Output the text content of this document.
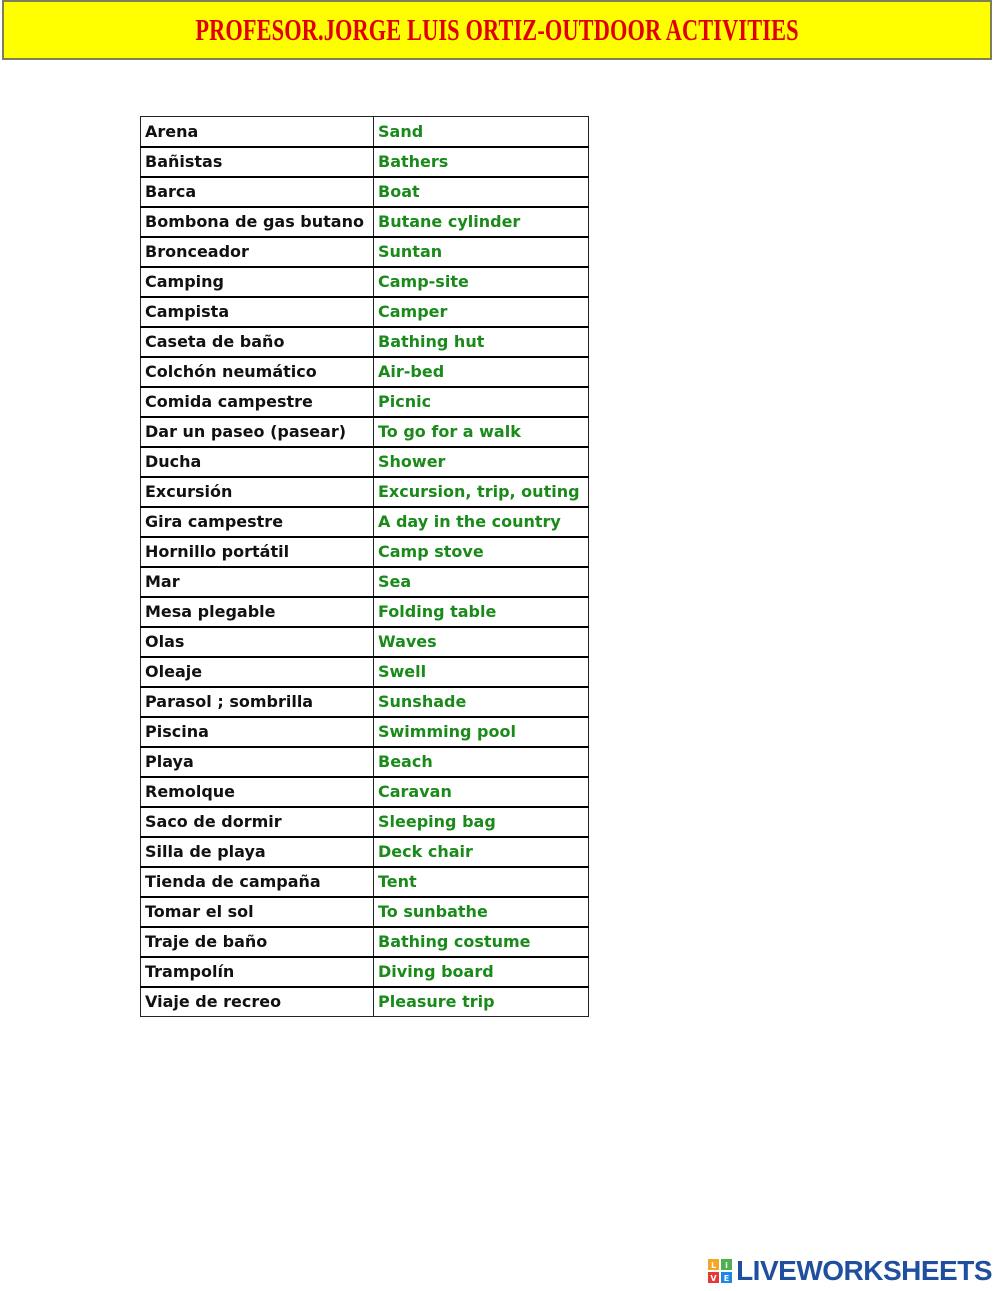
PROFESOR.JORGE LUIS ORTIZ-OUTDOOR ACTIVITIES
Arena	Sand
Bañistas	Bathers
Barca	Boat
Bombona de gas butano	Butane cylinder
Bronceador	Suntan
Camping	Camp-site
Campista	Camper
Caseta de baño	Bathing hut
Colchón neumático	Air-bed
Comida campestre	Picnic
Dar un paseo (pasear)	To go for a walk
Ducha	Shower
Excursión	Excursion, trip, outing
Gira campestre	A day in the country
Hornillo portátil	Camp stove
Mar	Sea
Mesa plegable	Folding table
Olas	Waves
Oleaje	Swell
Parasol ; sombrilla	Sunshade
Piscina	Swimming pool
Playa	Beach
Remolque	Caravan
Saco de dormir	Sleeping bag
Silla de playa	Deck chair
Tienda de campaña	Tent
Tomar el sol	To sunbathe
Traje de baño	Bathing costume
Trampolín	Diving board
Viaje de recreo	Pleasure trip
L i
V E LIVEWORKSHEETS
